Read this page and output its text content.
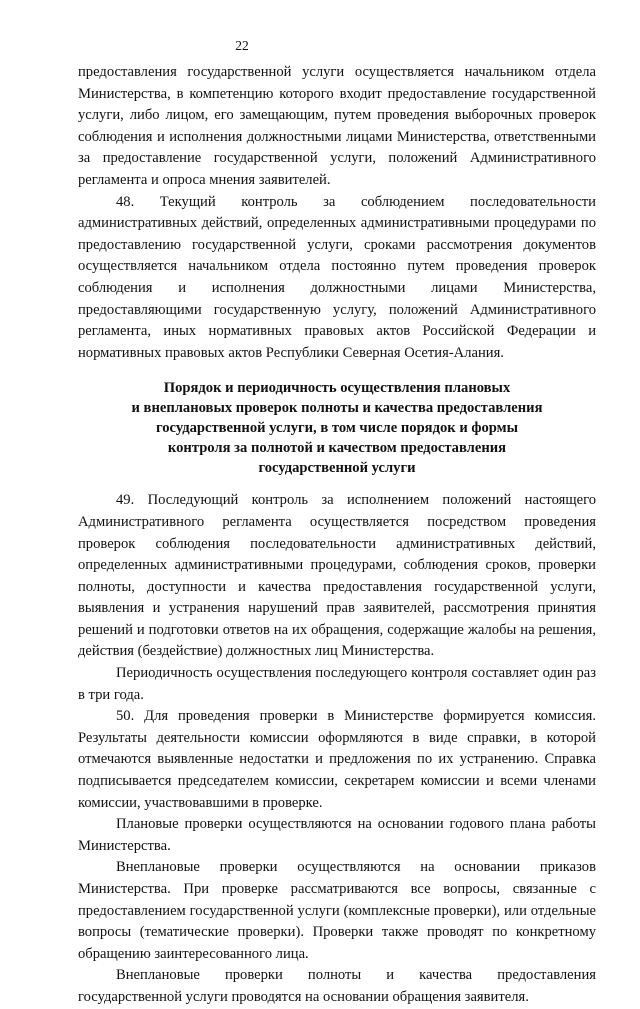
22

предоставления государственной услуги осуществляется начальником отдела Министерства, в компетенцию которого входит предоставление государственной услуги, либо лицом, его замещающим, путем проведения выборочных проверок соблюдения и исполнения должностными лицами Министерства, ответственными за предоставление государственной услуги, положений Административного регламента и опроса мнения заявителей.

48. Текущий контроль за соблюдением последовательности административных действий, определенных административными процедурами по предоставлению государственной услуги, сроками рассмотрения документов осуществляется начальником отдела постоянно путем проведения проверок соблюдения и исполнения должностными лицами Министерства, предоставляющими государственную услугу, положений Административного регламента, иных нормативных правовых актов Российской Федерации и нормативных правовых актов Республики Северная Осетия-Алания.

Порядок и периодичность осуществления плановых
и внеплановых проверок полноты и качества предоставления
государственной услуги, в том числе порядок и формы
контроля за полнотой и качеством предоставления
государственной услуги

49. Последующий контроль за исполнением положений настоящего Административного регламента осуществляется посредством проведения проверок соблюдения последовательности административных действий, определенных административными процедурами, соблюдения сроков, проверки полноты, доступности и качества предоставления государственной услуги, выявления и устранения нарушений прав заявителей, рассмотрения принятия решений и подготовки ответов на их обращения, содержащие жалобы на решения, действия (бездействие) должностных лиц Министерства.

Периодичность осуществления последующего контроля составляет один раз в три года.

50. Для проведения проверки в Министерстве формируется комиссия. Результаты деятельности комиссии оформляются в виде справки, в которой отмечаются выявленные недостатки и предложения по их устранению. Справка подписывается председателем комиссии, секретарем комиссии и всеми членами комиссии, участвовавшими в проверке.

Плановые проверки осуществляются на основании годового плана работы Министерства.

Внеплановые проверки осуществляются на основании приказов Министерства. При проверке рассматриваются все вопросы, связанные с предоставлением государственной услуги (комплексные проверки), или отдельные вопросы (тематические проверки). Проверки также проводят по конкретному обращению заинтересованного лица.

Внеплановые проверки полноты и качества предоставления государственной услуги проводятся на основании обращения заявителя.
